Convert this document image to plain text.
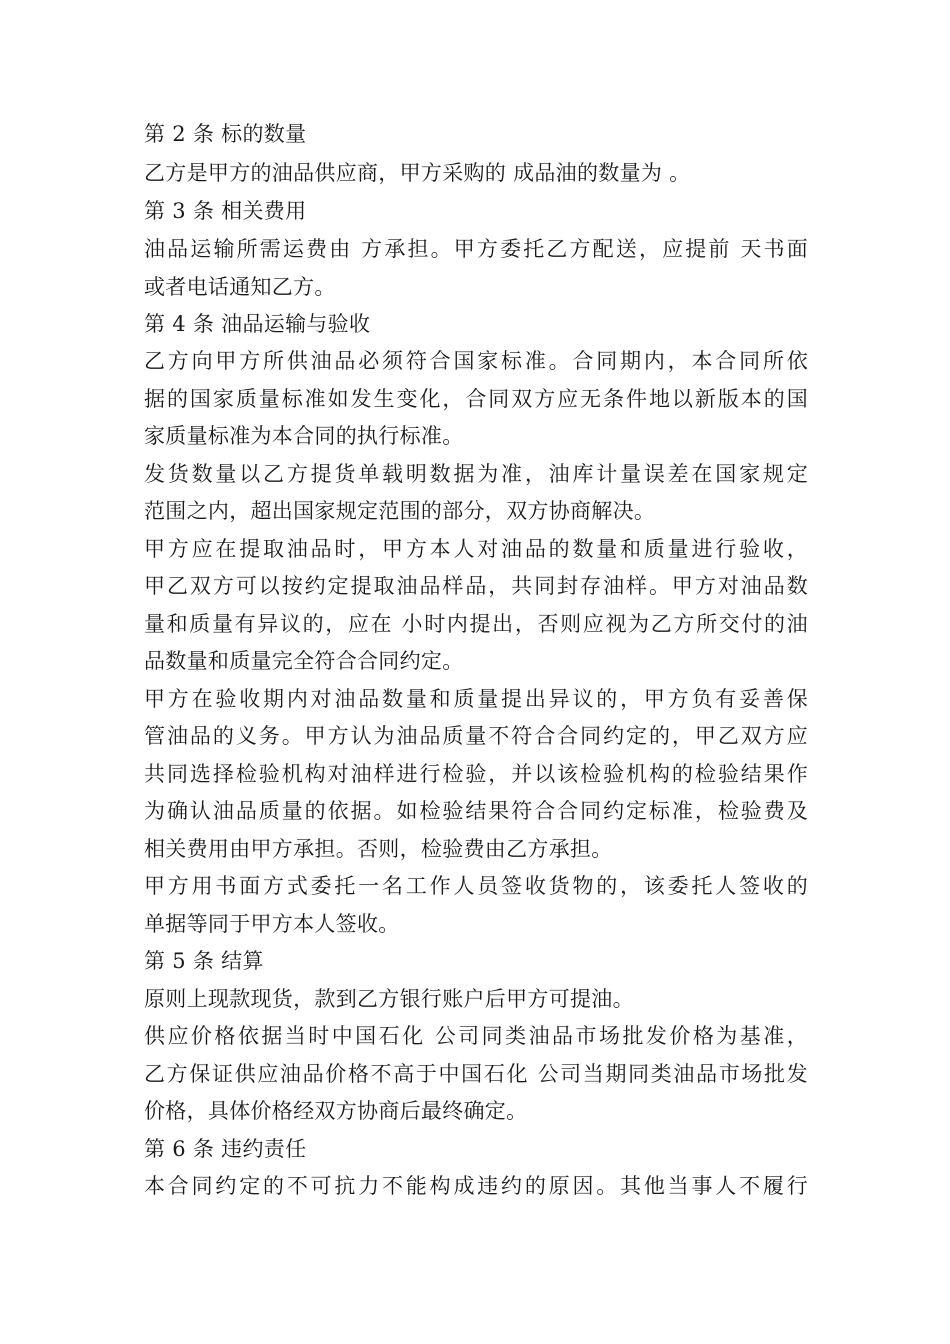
第 2 条 标的数量
乙方是甲方的油品供应商，甲方采购的 成品油的数量为 。
第 3 条 相关费用
油品运输所需运费由 方承担。甲方委托乙方配送，应提前 天书面
或者电话通知乙方。
第 4 条 油品运输与验收
乙方向甲方所供油品必须符合国家标准。合同期内，本合同所依
据的国家质量标准如发生变化，合同双方应无条件地以新版本的国
家质量标准为本合同的执行标准。
发货数量以乙方提货单载明数据为准，油库计量误差在国家规定
范围之内，超出国家规定范围的部分，双方协商解决。
甲方应在提取油品时，甲方本人对油品的数量和质量进行验收，
甲乙双方可以按约定提取油品样品，共同封存油样。甲方对油品数
量和质量有异议的，应在 小时内提出，否则应视为乙方所交付的油
品数量和质量完全符合合同约定。
甲方在验收期内对油品数量和质量提出异议的，甲方负有妥善保
管油品的义务。甲方认为油品质量不符合合同约定的，甲乙双方应
共同选择检验机构对油样进行检验，并以该检验机构的检验结果作
为确认油品质量的依据。如检验结果符合合同约定标准，检验费及
相关费用由甲方承担。否则，检验费由乙方承担。
甲方用书面方式委托一名工作人员签收货物的，该委托人签收的
单据等同于甲方本人签收。
第 5 条 结算
原则上现款现货，款到乙方银行账户后甲方可提油。
供应价格依据当时中国石化 公司同类油品市场批发价格为基准，
乙方保证供应油品价格不高于中国石化 公司当期同类油品市场批发
价格，具体价格经双方协商后最终确定。
第 6 条 违约责任
本合同约定的不可抗力不能构成违约的原因。其他当事人不履行
